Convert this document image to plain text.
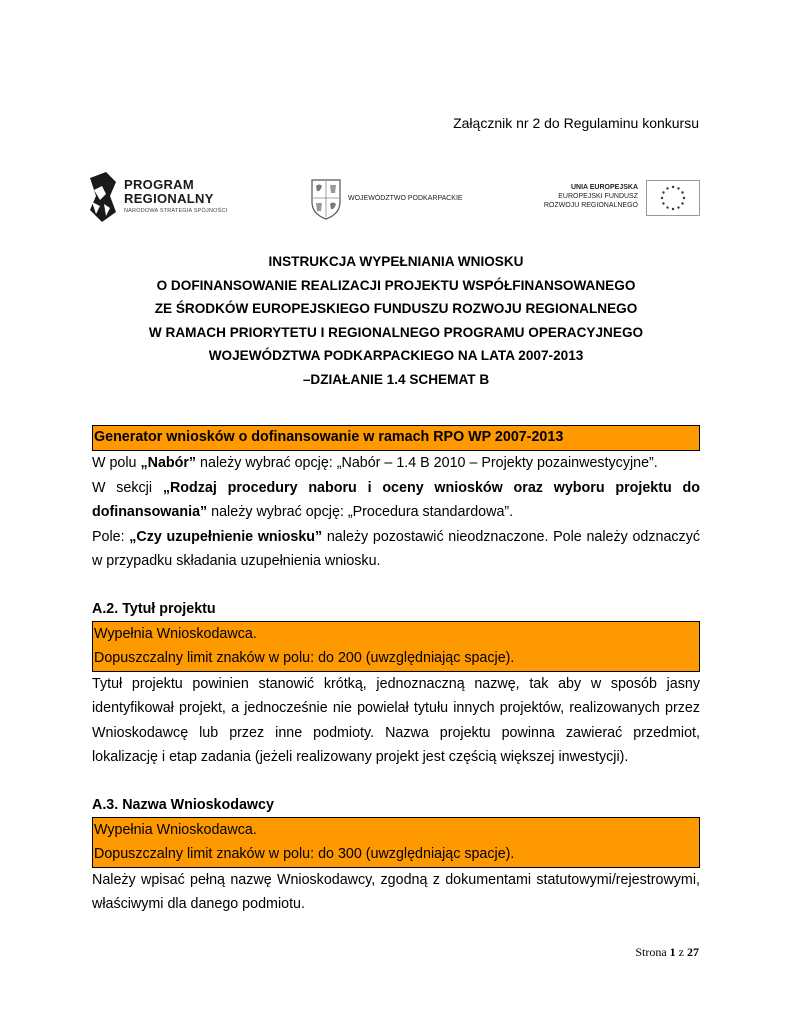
Załącznik nr 2 do Regulaminu konkursu
PROGRAM
REGIONALNY
NARODOWA STRATEGIA SPÓJNOŚCI
WOJEWÓDZTWO PODKARPACKIE
UNIA EUROPEJSKA
EUROPEJSKI FUNDUSZ
ROZWOJU REGIONALNEGO
INSTRUKCJA WYPEŁNIANIA WNIOSKU
O DOFINANSOWANIE REALIZACJI PROJEKTU WSPÓŁFINANSOWANEGO
ZE ŚRODKÓW EUROPEJSKIEGO FUNDUSZU ROZWOJU REGIONALNEGO
W RAMACH PRIORYTETU I REGIONALNEGO PROGRAMU OPERACYJNEGO
WOJEWÓDZTWA PODKARPACKIEGO NA LATA 2007-2013
–DZIAŁANIE 1.4 SCHEMAT B
Generator wniosków o dofinansowanie w ramach RPO WP 2007-2013

W polu „Nabór” należy wybrać opcję: „Nabór – 1.4 B 2010 – Projekty pozainwestycyjne”.

W sekcji „Rodzaj procedury naboru i oceny wniosków oraz wyboru projektu do dofinansowania” należy wybrać opcję: „Procedura standardowa”.

Pole: „Czy uzupełnienie wniosku” należy pozostawić nieodznaczone. Pole należy odznaczyć w przypadku składania uzupełnienia wniosku.

A.2. Tytuł projektu
Wypełnia Wnioskodawca.
Dopuszczalny limit znaków w polu: do 200 (uwzględniając spacje).

Tytuł projektu powinien stanowić krótką, jednoznaczną nazwę, tak aby w sposób jasny identyfikował projekt, a jednocześnie nie powielał tytułu innych projektów, realizowanych przez Wnioskodawcę lub przez inne podmioty. Nazwa projektu powinna zawierać przedmiot, lokalizację i etap zadania (jeżeli realizowany projekt jest częścią większej inwestycji).

A.3. Nazwa Wnioskodawcy
Wypełnia Wnioskodawca.
Dopuszczalny limit znaków w polu: do 300 (uwzględniając spacje).

Należy wpisać pełną nazwę Wnioskodawcy, zgodną z dokumentami statutowymi/rejestrowymi, właściwymi dla danego podmiotu.

Strona 1 z 27
